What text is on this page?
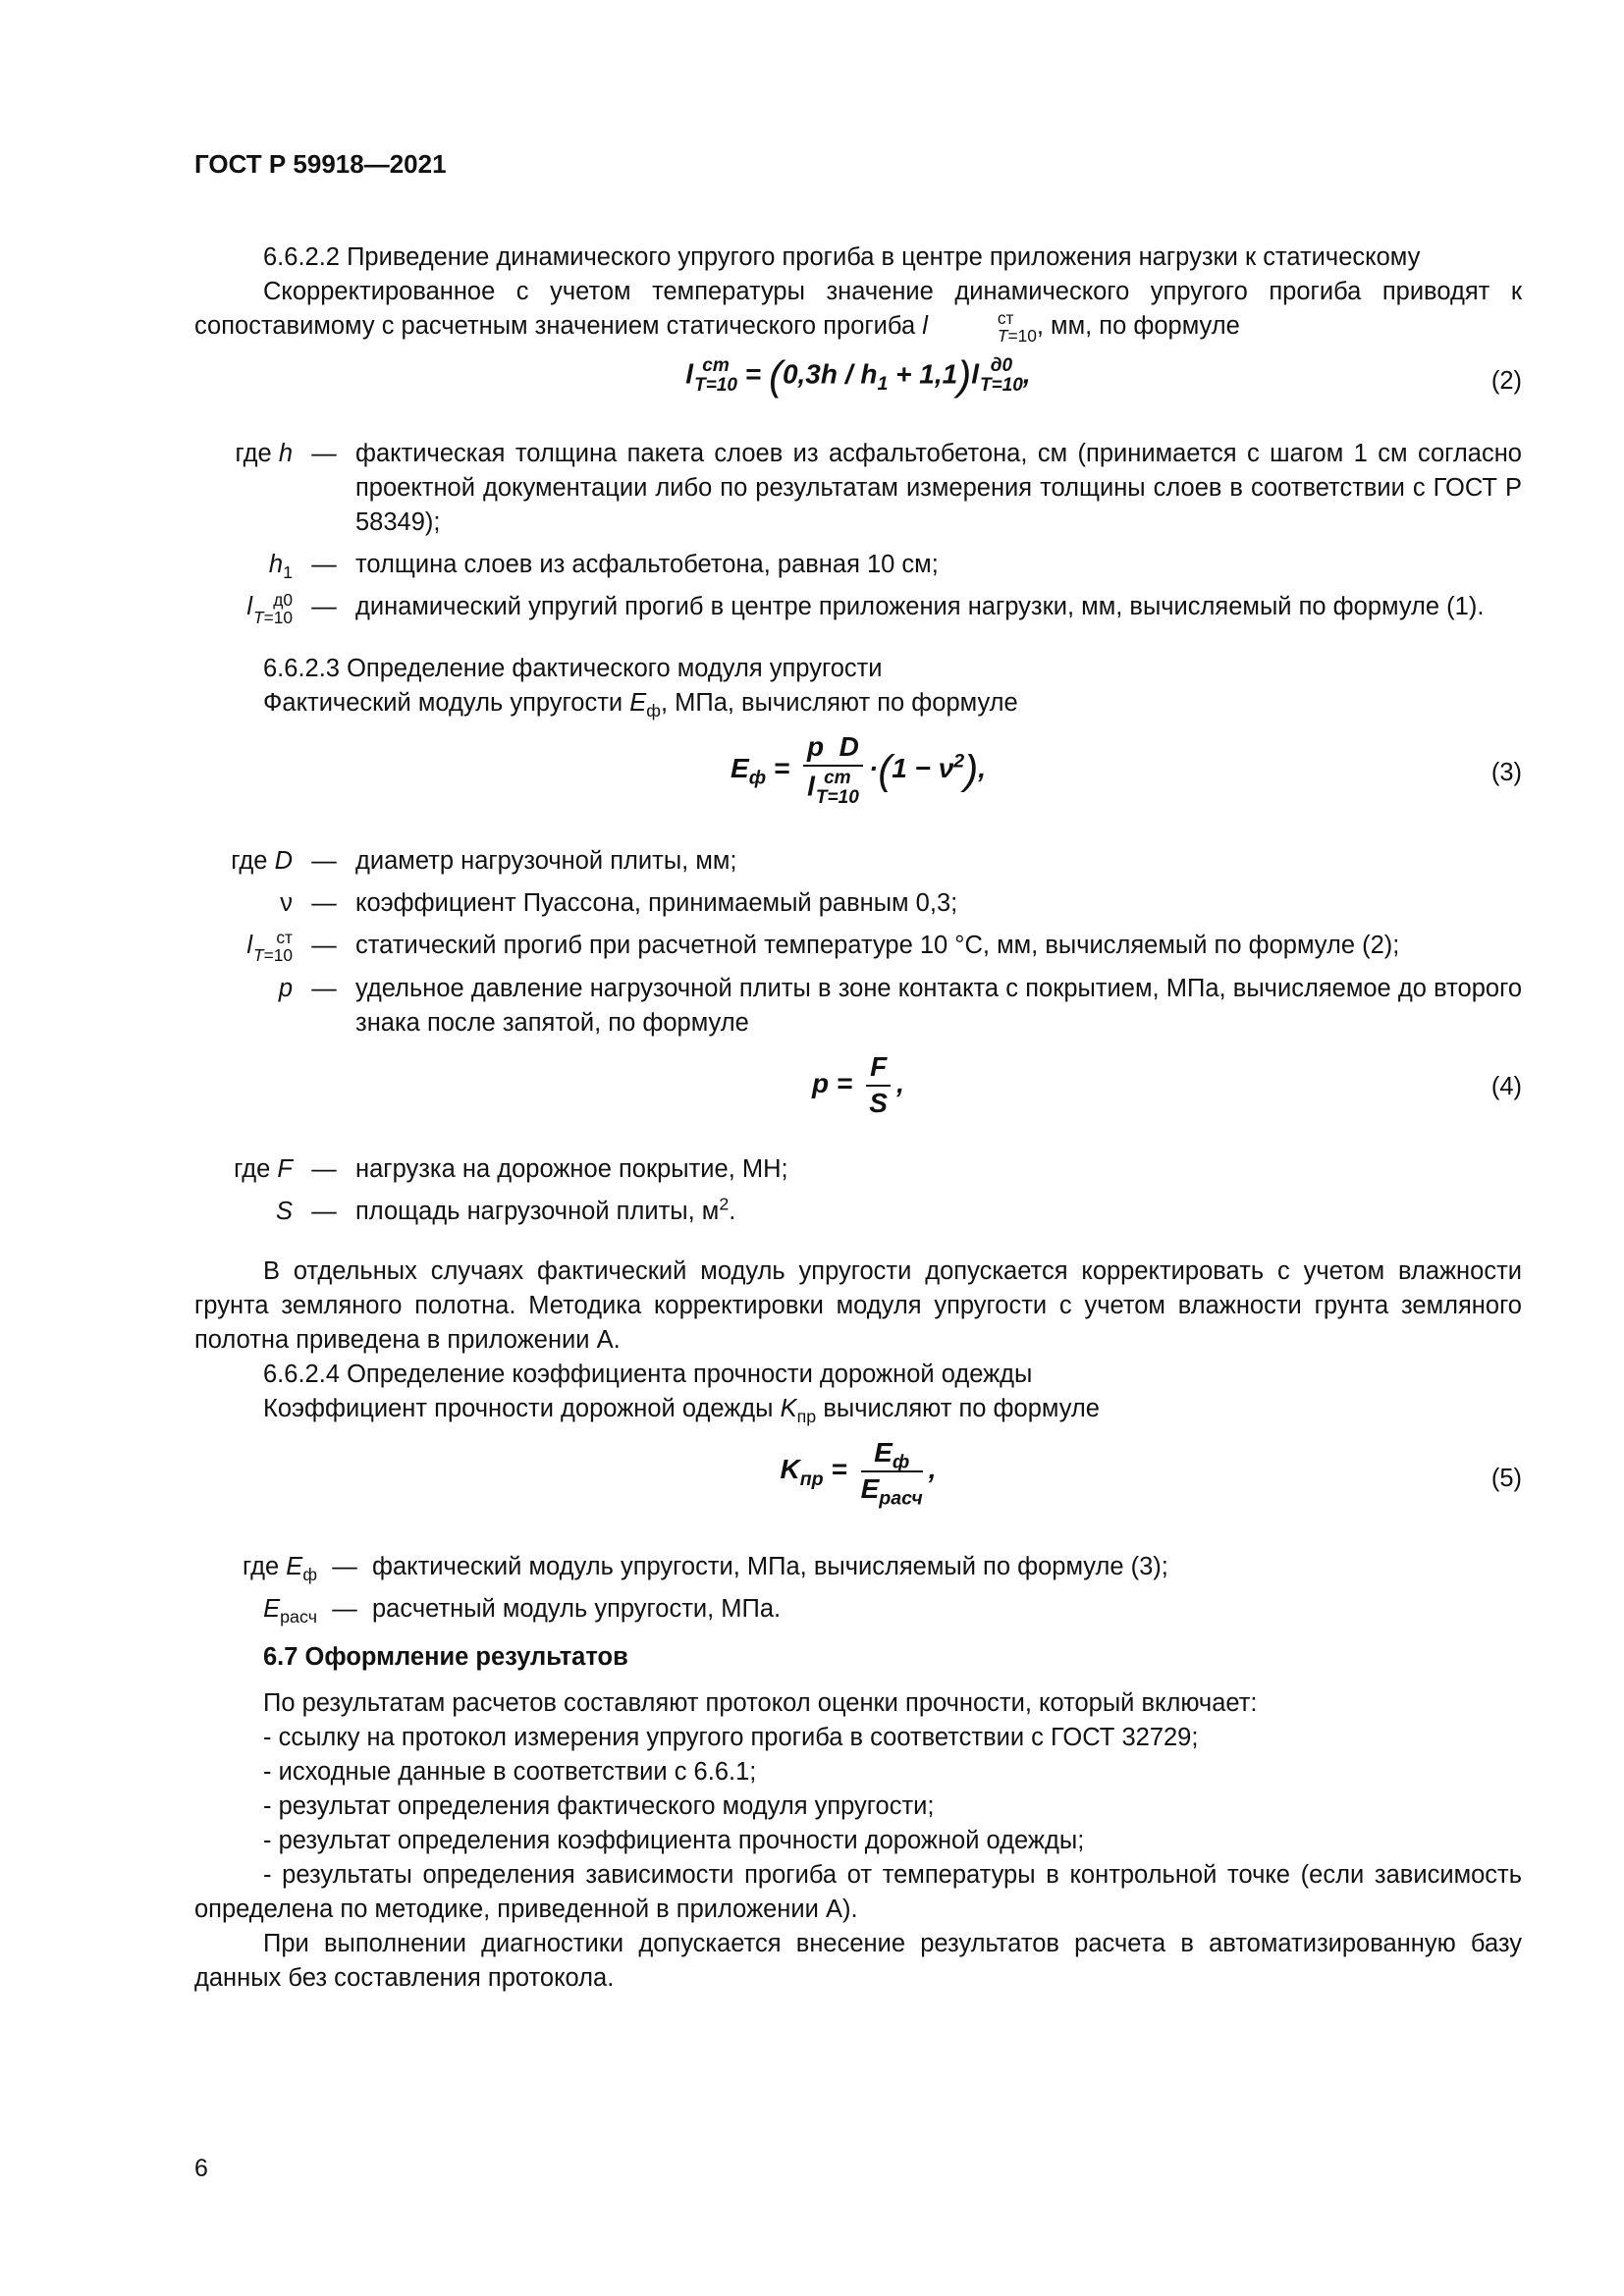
ГОСТ Р 59918—2021

6.6.2.2 Приведение динамического упругого прогиба в центре приложения нагрузки к статическому

Скорректированное с учетом температуры значение динамического упругого прогиба приводят к сопоставимому с расчетным значением статического прогиба l	ст
T=10 , мм, по формуле

l ст
$T=10 = (0,3h / h_1 + 1,1)l$ д0
T=10 ,	(2)
где h — фактическая толщина пакета слоев из асфальтобетона, см (принимается с шагом 1 см согласно проектной документации либо по результатам измерения толщины слоев в соответствии с ГОСТ Р 58349);
$h_1$ — толщина слоев из асфальтобетона, равная 10 см;
l	д0
T=10 — динамический упругий прогиб в центре приложения нагрузки, мм, вычисляемый по формуле (1).

6.6.2.3 Определение фактического модуля упругости

Фактический модуль упругости $E_ф$, МПа, вычисляют по формуле

$E_ф = p$ D
l ст
$T=10 \cdot(1 - \nu^2)$,	(3)
где D — диаметр нагрузочной плиты, мм;
ν — коэффициент Пуассона, принимаемый равным 0,3;
l	ст
T=10 — статический прогиб при расчетной температуре 10 °С, мм, вычисляемый по формуле (2);
p — удельное давление нагрузочной плиты в зоне контакта с покрытием, МПа, вычисляемое до второго знака после запятой, по формуле
$p = \frac{F}{S}$ ,	(4)
где F — нагрузка на дорожное покрытие, МН;
S — площадь нагрузочной плиты, $м^2$.

В отдельных случаях фактический модуль упругости допускается корректировать с учетом влажности грунта земляного полотна. Методика корректировки модуля упругости с учетом влажности грунта земляного полотна приведена в приложении А.

6.6.2.4 Определение коэффициента прочности дорожной одежды

Коэффициент прочности дорожной одежды $K_{пр}$ вычисляют по формуле

$K_{пр} = \frac{E_ф}{E_{расч}}$ ,	(5)
где $E_ф$ — фактический модуль упругости, МПа, вычисляемый по формуле (3);
$E_{расч}$ — расчетный модуль упругости, МПа.

6.7 Оформление результатов

По результатам расчетов составляют протокол оценки прочности, который включает:

- ссылку на протокол измерения упругого прогиба в соответствии с ГОСТ 32729;

- исходные данные в соответствии с 6.6.1;

- результат определения фактического модуля упругости;

- результат определения коэффициента прочности дорожной одежды;

- результаты определения зависимости прогиба от температуры в контрольной точке (если зависимость определена по методике, приведенной в приложении А).

При выполнении диагностики допускается внесение результатов расчета в автоматизированную базу данных без составления протокола.

6
